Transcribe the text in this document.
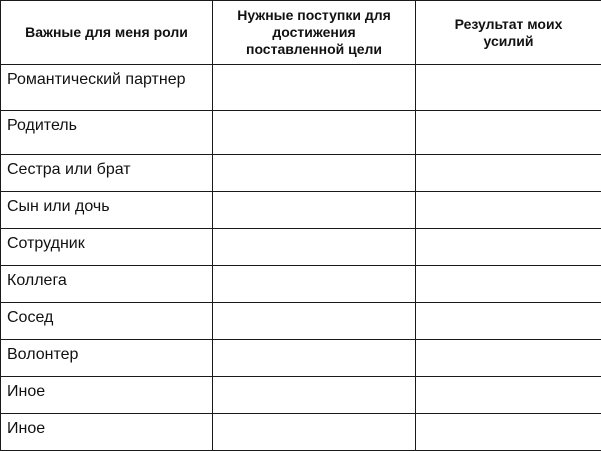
Важные для меня роли	Нужные поступки для достижения поставленной цели	Результат моих усилий
Романтический партнер		
Родитель		
Сестра или брат		
Сын или дочь		
Сотрудник		
Коллега		
Сосед		
Волонтер		
Иное		
Иное		
